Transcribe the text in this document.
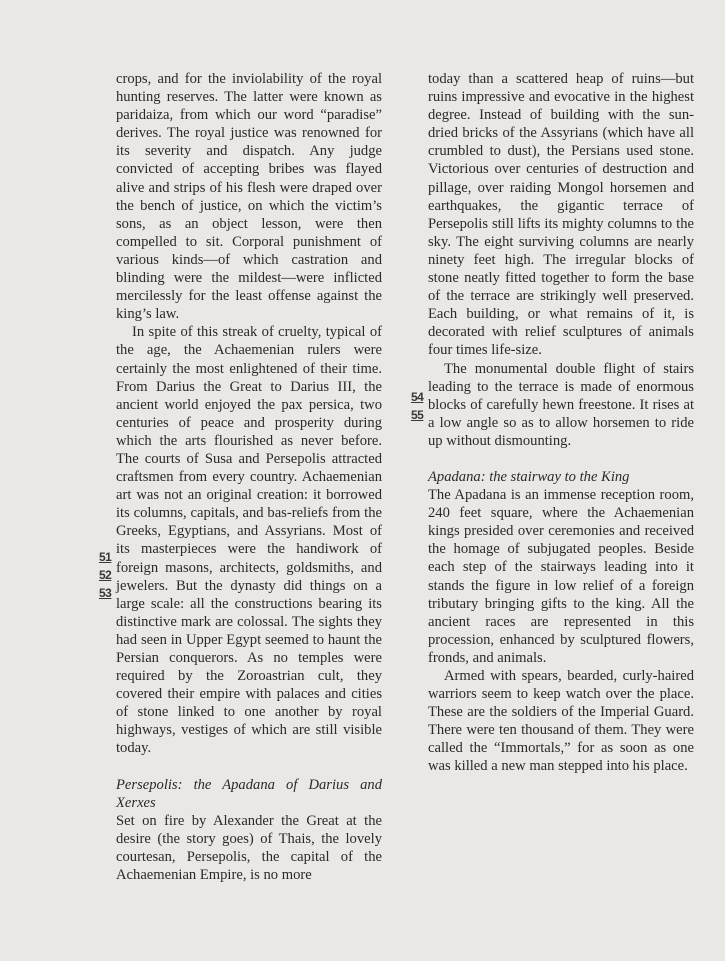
crops, and for the inviolability of the royal hunting reserves. The latter were known as paridaiza, from which our word “paradise” derives. The royal justice was renowned for its severity and dispatch. Any judge convicted of accepting bribes was flayed alive and strips of his flesh were draped over the bench of justice, on which the victim’s sons, as an object lesson, were then compelled to sit. Corporal punishment of various kinds—of which castration and blinding were the mildest—were inflicted mercilessly for the least offense against the king’s law.

In spite of this streak of cruelty, typical of the age, the Achaemenian rulers were certainly the most enlightened of their time. From Darius the Great to Darius III, the ancient world enjoyed the pax persica, two centuries of peace and prosperity during which the arts flourished as never before. The courts of Susa and Persepolis attracted craftsmen from every country. Achaemenian art was not an original creation: it borrowed its columns, capitals, and bas-reliefs from the Greeks, Egyptians, and Assyrians. Most of its masterpieces were the handiwork of foreign masons, architects, goldsmiths, and jewelers. But the dynasty did things on a large scale: all the constructions bearing its distinctive mark are colossal. The sights they had seen in Upper Egypt seemed to haunt the Persian conquerors. As no temples were required by the Zoroastrian cult, they covered their empire with palaces and cities of stone linked to one another by royal highways, vestiges of which are still visible today.

Persepolis: the Apadana of Darius and Xerxes

Set on fire by Alexander the Great at the desire (the story goes) of Thais, the lovely courtesan, Persepolis, the capital of the Achaemenian Empire, is no more

today than a scattered heap of ruins—but ruins impressive and evocative in the highest degree. Instead of building with the sun-dried bricks of the Assyrians (which have all crumbled to dust), the Persians used stone. Victorious over centuries of destruction and pillage, over raiding Mongol horsemen and earthquakes, the gigantic terrace of Persepolis still lifts its mighty columns to the sky. The eight surviving columns are nearly ninety feet high. The irregular blocks of stone neatly fitted together to form the base of the terrace are strikingly well preserved. Each building, or what remains of it, is decorated with relief sculptures of animals four times life-size.

The monumental double flight of stairs leading to the terrace is made of enormous blocks of carefully hewn freestone. It rises at a low angle so as to allow horsemen to ride up without dismounting.

Apadana: the stairway to the King

The Apadana is an immense reception room, 240 feet square, where the Achaemenian kings presided over ceremonies and received the homage of subjugated peoples. Beside each step of the stairways leading into it stands the figure in low relief of a foreign tributary bringing gifts to the king. All the ancient races are represented in this procession, enhanced by sculptured flowers, fronds, and animals.

Armed with spears, bearded, curly-haired warriors seem to keep watch over the place. These are the soldiers of the Imperial Guard. There were ten thousand of them. They were called the “Immortals,” for as soon as one was killed a new man stepped into his place.

51
52
53
54
55
